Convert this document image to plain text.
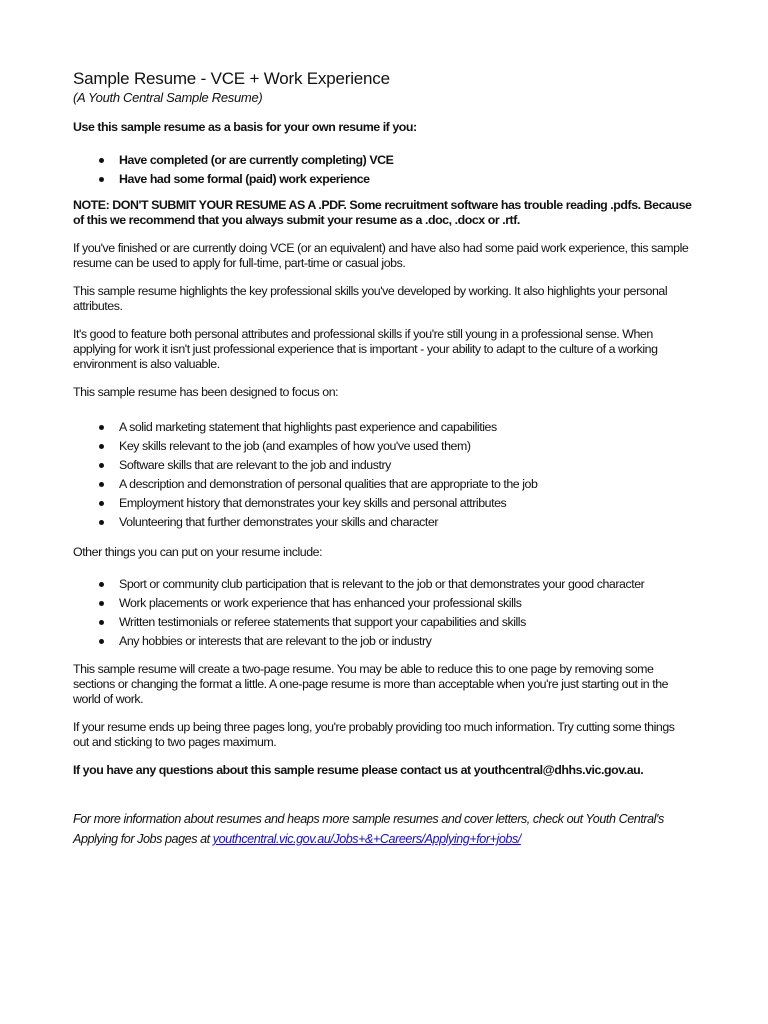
Sample Resume - VCE + Work Experience
(A Youth Central Sample Resume)

Use this sample resume as a basis for your own resume if you:

Have completed (or are currently completing) VCE
Have had some formal (paid) work experience

NOTE: DON'T SUBMIT YOUR RESUME AS A .PDF. Some recruitment software has trouble reading .pdfs. Because of this we recommend that you always submit your resume as a .doc, .docx or .rtf.

If you've finished or are currently doing VCE (or an equivalent) and have also had some paid work experience, this sample resume can be used to apply for full-time, part-time or casual jobs.

This sample resume highlights the key professional skills you've developed by working. It also highlights your personal attributes.

It's good to feature both personal attributes and professional skills if you're still young in a professional sense. When applying for work it isn't just professional experience that is important - your ability to adapt to the culture of a working environment is also valuable.

This sample resume has been designed to focus on:

A solid marketing statement that highlights past experience and capabilities
Key skills relevant to the job (and examples of how you've used them)
Software skills that are relevant to the job and industry
A description and demonstration of personal qualities that are appropriate to the job
Employment history that demonstrates your key skills and personal attributes
Volunteering that further demonstrates your skills and character

Other things you can put on your resume include:

Sport or community club participation that is relevant to the job or that demonstrates your good character
Work placements or work experience that has enhanced your professional skills
Written testimonials or referee statements that support your capabilities and skills
Any hobbies or interests that are relevant to the job or industry

This sample resume will create a two-page resume. You may be able to reduce this to one page by removing some sections or changing the format a little. A one-page resume is more than acceptable when you're just starting out in the world of work.

If your resume ends up being three pages long, you're probably providing too much information. Try cutting some things out and sticking to two pages maximum.

If you have any questions about this sample resume please contact us at youthcentral@dhhs.vic.gov.au.

For more information about resumes and heaps more sample resumes and cover letters, check out Youth Central's Applying for Jobs pages at youthcentral.vic.gov.au/Jobs+&+Careers/Applying+for+jobs/
